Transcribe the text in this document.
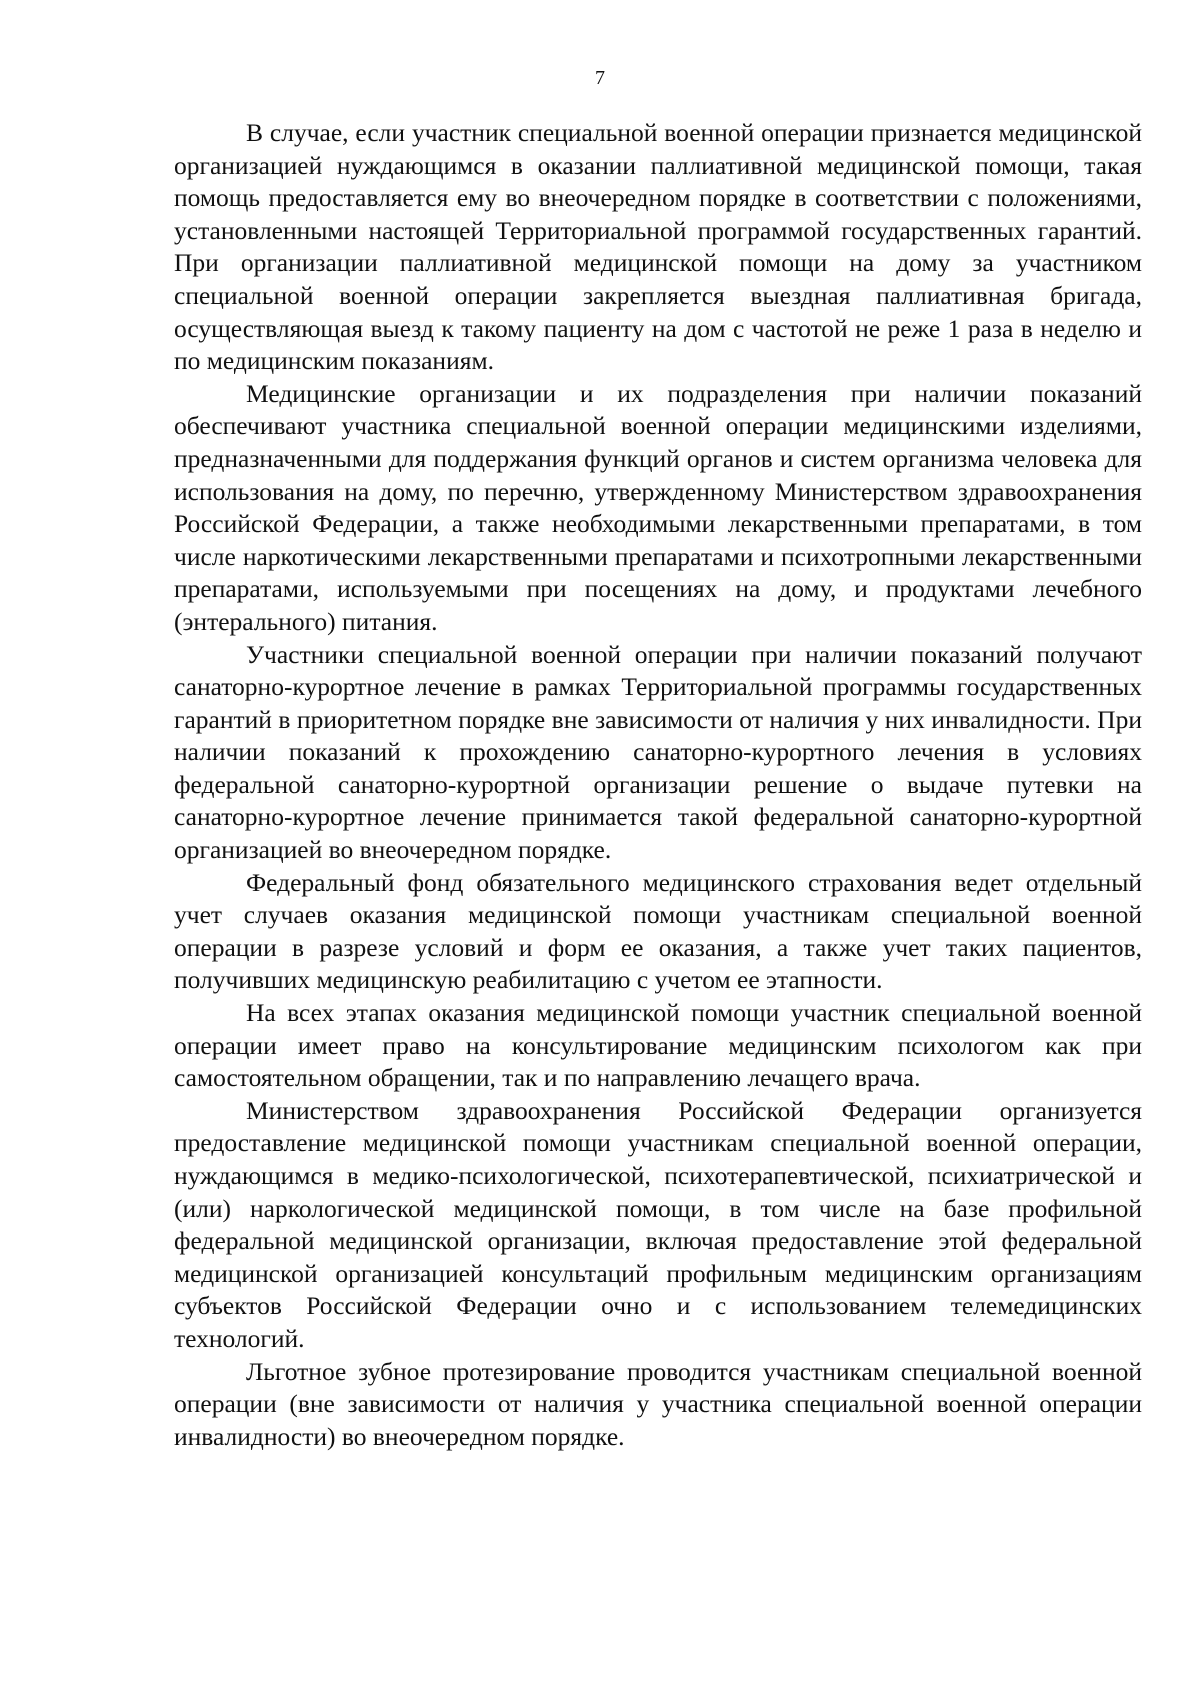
7

В случае, если участник специальной военной операции признается медицинской организацией нуждающимся в оказании паллиативной медицинской помощи, такая помощь предоставляется ему во внеочередном порядке в соответствии с положениями, установленными настоящей Территориальной программой государственных гарантий. При организации паллиативной медицинской помощи на дому за участником специальной военной операции закрепляется выездная паллиативная бригада, осуществляющая выезд к такому пациенту на дом с частотой не реже 1 раза в неделю и по медицинским показаниям.

Медицинские организации и их подразделения при наличии показаний обеспечивают участника специальной военной операции медицинскими изделиями, предназначенными для поддержания функций органов и систем организма человека для использования на дому, по перечню, утвержденному Министерством здравоохранения Российской Федерации, а также необходимыми лекарственными препаратами, в том числе наркотическими лекарственными препаратами и психотропными лекарственными препаратами, используемыми при посещениях на дому, и продуктами лечебного (энтерального) питания.

Участники специальной военной операции при наличии показаний получают санаторно-курортное лечение в рамках Территориальной программы государственных гарантий в приоритетном порядке вне зависимости от наличия у них инвалидности. При наличии показаний к прохождению санаторно-курортного лечения в условиях федеральной санаторно-курортной организации решение о выдаче путевки на санаторно-курортное лечение принимается такой федеральной санаторно-курортной организацией во внеочередном порядке.

Федеральный фонд обязательного медицинского страхования ведет отдельный учет случаев оказания медицинской помощи участникам специальной военной операции в разрезе условий и форм ее оказания, а также учет таких пациентов, получивших медицинскую реабилитацию с учетом ее этапности.

На всех этапах оказания медицинской помощи участник специальной военной операции имеет право на консультирование медицинским психологом как при самостоятельном обращении, так и по направлению лечащего врача.

Министерством здравоохранения Российской Федерации организуется предоставление медицинской помощи участникам специальной военной операции, нуждающимся в медико-психологической, психотерапевтической, психиатрической и (или) наркологической медицинской помощи, в том числе на базе профильной федеральной медицинской организации, включая предоставление этой федеральной медицинской организацией консультаций профильным медицинским организациям субъектов Российской Федерации очно и с использованием телемедицинских технологий.

Льготное зубное протезирование проводится участникам специальной военной операции (вне зависимости от наличия у участника специальной военной операции инвалидности) во внеочередном порядке.
